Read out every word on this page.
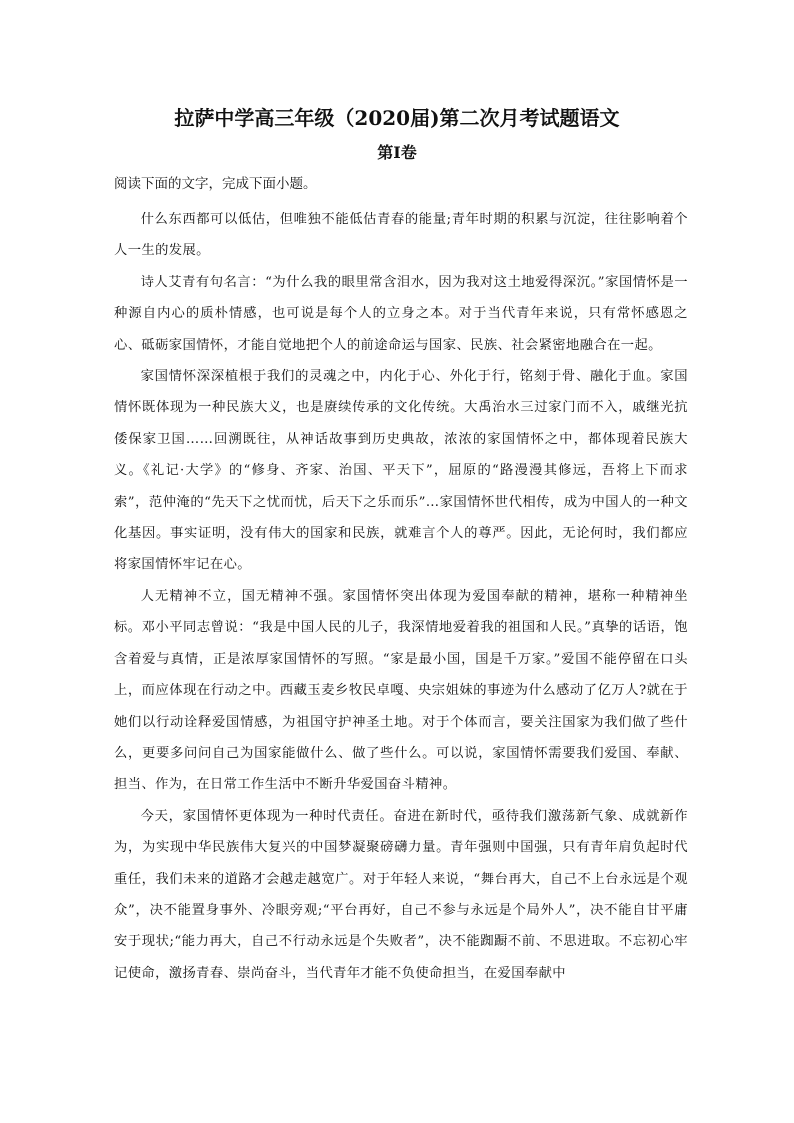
拉萨中学高三年级（2020届)第二次月考试题语文
第I卷
阅读下面的文字，完成下面小题。

什么东西都可以低估，但唯独不能低估青春的能量;青年时期的积累与沉淀，往往影响着个人一生的发展。

诗人艾青有句名言：“为什么我的眼里常含泪水，因为我对这土地爱得深沉。”家国情怀是一种源自内心的质朴情感，也可说是每个人的立身之本。对于当代青年来说，只有常怀感恩之心、砥砺家国情怀，才能自觉地把个人的前途命运与国家、民族、社会紧密地融合在一起。

家国情怀深深植根于我们的灵魂之中，内化于心、外化于行，铭刻于骨、融化于血。家国情怀既体现为一种民族大义，也是赓续传承的文化传统。大禹治水三过家门而不入，戚继光抗倭保家卫国……回溯既往，从神话故事到历史典故，浓浓的家国情怀之中，都体现着民族大义。《礼记·大学》的“修身、齐家、治国、平天下”，屈原的“路漫漫其修远，吾将上下而求索”，范仲淹的“先天下之忧而忧，后天下之乐而乐”…家国情怀世代相传，成为中国人的一种文化基因。事实证明，没有伟大的国家和民族，就难言个人的尊严。因此，无论何时，我们都应将家国情怀牢记在心。

人无精神不立，国无精神不强。家国情怀突出体现为爱国奉献的精神，堪称一种精神坐标。邓小平同志曾说：“我是中国人民的儿子，我深情地爱着我的祖国和人民。”真挚的话语，饱含着爱与真情，正是浓厚家国情怀的写照。“家是最小国，国是千万家。”爱国不能停留在口头上，而应体现在行动之中。西藏玉麦乡牧民卓嘎、央宗姐妹的事迹为什么感动了亿万人?就在于她们以行动诠释爱国情感，为祖国守护神圣土地。对于个体而言，要关注国家为我们做了些什么，更要多问问自己为国家能做什么、做了些什么。可以说，家国情怀需要我们爱国、奉献、担当、作为，在日常工作生活中不断升华爱国奋斗精神。

今天，家国情怀更体现为一种时代责任。奋进在新时代，亟待我们激荡新气象、成就新作为，为实现中华民族伟大复兴的中国梦凝聚磅礴力量。青年强则中国强，只有青年肩负起时代重任，我们未来的道路才会越走越宽广。对于年轻人来说，“舞台再大，自己不上台永远是个观众”，决不能置身事外、冷眼旁观;“平台再好，自己不参与永远是个局外人”，决不能自甘平庸安于现状;“能力再大，自己不行动永远是个失败者”，决不能踟蹰不前、不思进取。不忘初心牢记使命，激扬青春、崇尚奋斗，当代青年才能不负使命担当，在爱国奉献中
